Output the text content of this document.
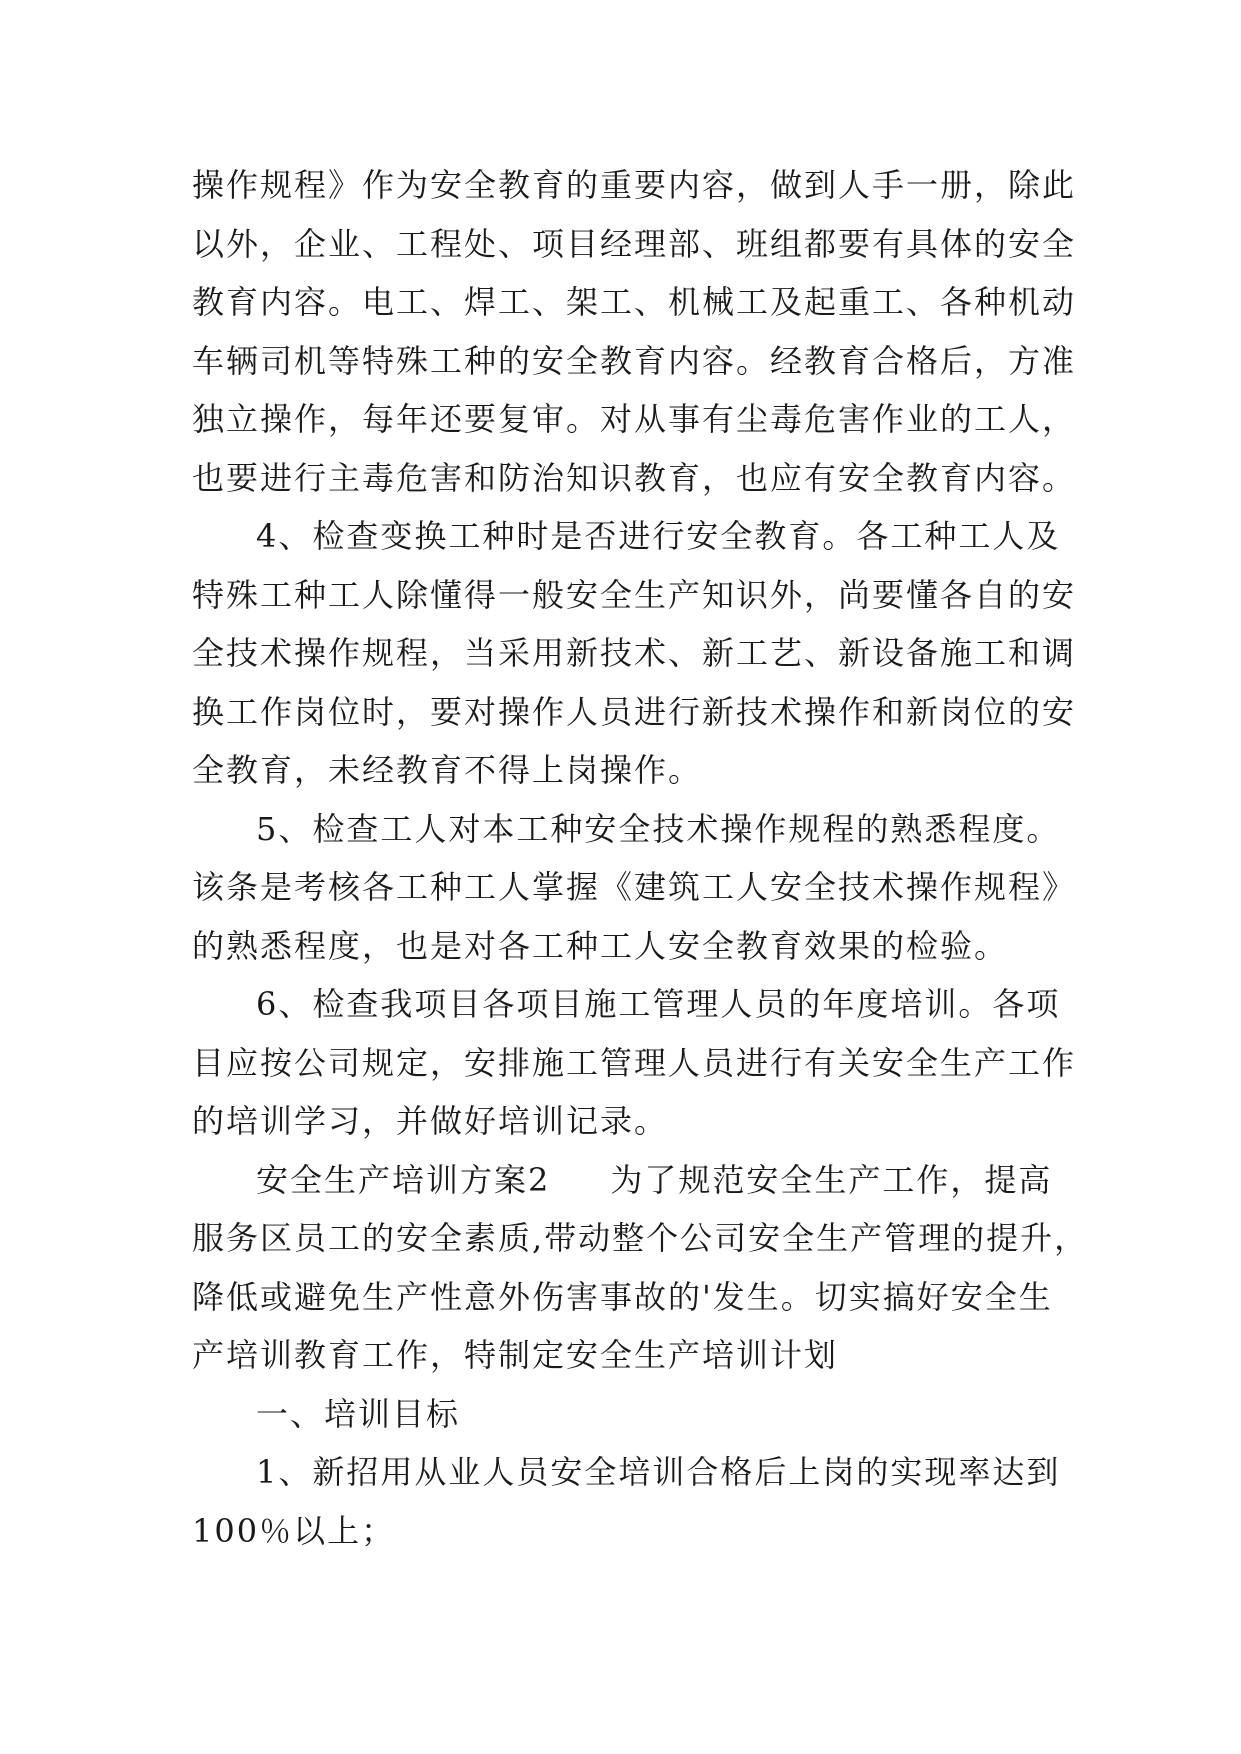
操作规程》作为安全教育的重要内容，做到人手一册，除此
以外，企业、工程处、项目经理部、班组都要有具体的安全
教育内容。电工、焊工、架工、机械工及起重工、各种机动
车辆司机等特殊工种的安全教育内容。经教育合格后，方准
独立操作，每年还要复审。对从事有尘毒危害作业的工人，
也要进行主毒危害和防治知识教育，也应有安全教育内容。

4、检查变换工种时是否进行安全教育。各工种工人及
特殊工种工人除懂得一般安全生产知识外，尚要懂各自的安
全技术操作规程，当采用新技术、新工艺、新设备施工和调
换工作岗位时，要对操作人员进行新技术操作和新岗位的安
全教育，未经教育不得上岗操作。

5、检查工人对本工种安全技术操作规程的熟悉程度。
该条是考核各工种工人掌握《建筑工人安全技术操作规程》
的熟悉程度，也是对各工种工人安全教育效果的检验。

6、检查我项目各项目施工管理人员的年度培训。各项
目应按公司规定，安排施工管理人员进行有关安全生产工作
的培训学习，并做好培训记录。

安全生产培训方案2 为了规范安全生产工作，提高
服务区员工的安全素质,带动整个公司安全生产管理的提升，
降低或避免生产性意外伤害事故的'发生。切实搞好安全生
产培训教育工作，特制定安全生产培训计划

一、培训目标

1、新招用从业人员安全培训合格后上岗的实现率达到
100％以上；
